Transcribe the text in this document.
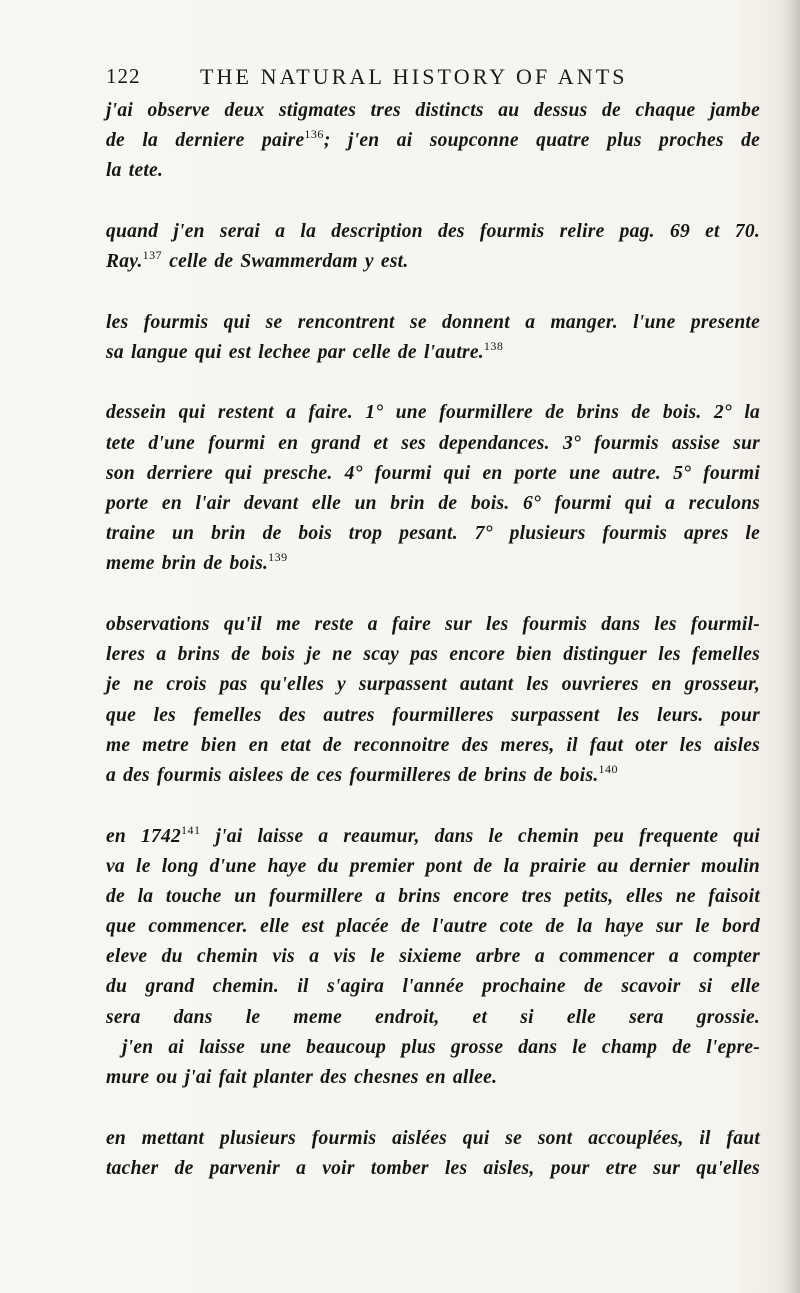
122	THE NATURAL HISTORY OF ANTS
j'ai observe deux stigmates tres distincts au dessus de chaque jambe
de la derniere paire$^{136}$; j'en ai soupconne quatre plus proches de
la tete.
quand j'en serai a la description des fourmis relire pag. 69 et 70.
Ray.$^{137}$ celle de Swammerdam y est.
les fourmis qui se rencontrent se donnent a manger. l'une presente
sa langue qui est lechee par celle de l'autre.$^{138}$
dessein qui restent a faire. 1° une fourmillere de brins de bois. 2° la
tete d'une fourmi en grand et ses dependances. 3° fourmis assise sur
son derriere qui presche. 4° fourmi qui en porte une autre. 5° fourmi
porte en l'air devant elle un brin de bois. 6° fourmi qui a reculons
traine un brin de bois trop pesant. 7° plusieurs fourmis apres le
meme brin de bois.$^{139}$
observations qu'il me reste a faire sur les fourmis dans les fourmil-
leres a brins de bois je ne scay pas encore bien distinguer les femelles
je ne crois pas qu'elles y surpassent autant les ouvrieres en grosseur,
que les femelles des autres fourmilleres surpassent les leurs. pour
me metre bien en etat de reconnoitre des meres, il faut oter les aisles
a des fourmis aislees de ces fourmilleres de brins de bois.$^{140}$
en 1742$^{141}$ j'ai laisse a reaumur, dans le chemin peu frequente qui
va le long d'une haye du premier pont de la prairie au dernier moulin
de la touche un fourmillere a brins encore tres petits, elles ne faisoit
que commencer. elle est placée de l'autre cote de la haye sur le bord
eleve du chemin vis a vis le sixieme arbre a commencer a compter
du grand chemin. il s'agira l'année prochaine de scavoir si elle
sera dans le meme endroit, et si elle sera grossie.
j'en ai laisse une beaucoup plus grosse dans le champ de l'epre-
mure ou j'ai fait planter des chesnes en allee.
en mettant plusieurs fourmis aislées qui se sont accouplées, il faut
tacher de parvenir a voir tomber les aisles, pour etre sur qu'elles
